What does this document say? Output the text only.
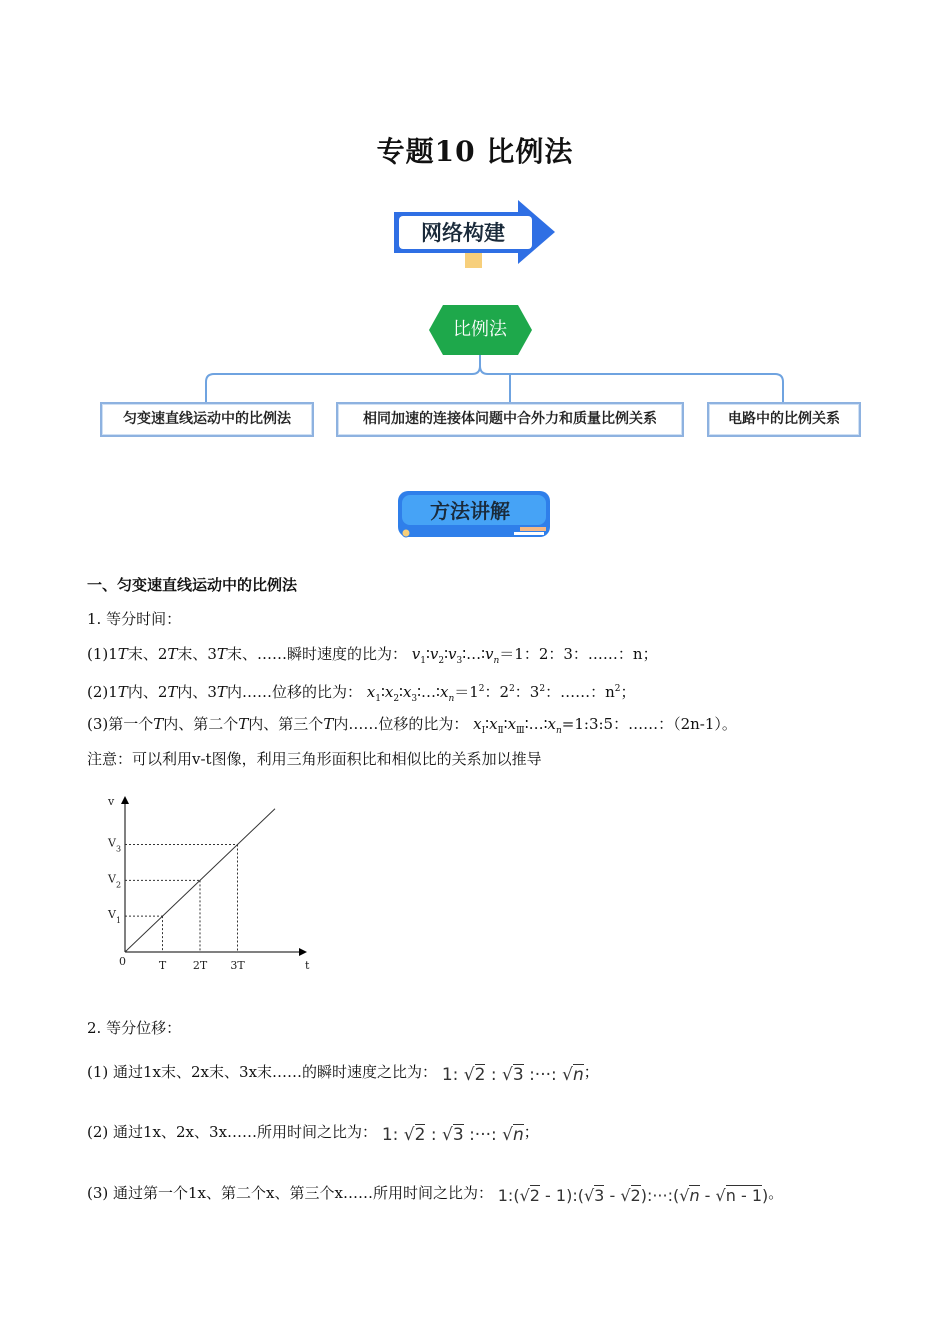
专题10 比例法
网络构建
比例法
匀变速直线运动中的比例法	相同加速的连接体问题中合外力和质量比例关系	电路中的比例关系
方法讲解
一、匀变速直线运动中的比例法
1. 等分时间：
(1)1T末、2T末、3T末、……瞬时速度的比为： $v_1∶v_2∶v_3∶\dots∶v_n=1$：2：3：……：n；
(2)1T内、2T内、3T内……位移的比为： $x_1∶x_2∶x_3∶\dots∶x_n=1^2$：$2^2$：$3^2$：……：$n^2$；
(3)第一个T内、第二个T内、第三个T内……位移的比为： $x_Ⅰ∶x_Ⅱ∶x_Ⅲ∶\dots∶x_n=1:3:5$：……：（2n-1）。
注意：可以利用v-t图像，利用三角形面积比和相似比的关系加以推导
T
$V_1$
2T
$V_2$
3T
$V_3$
0	t
v
2. 等分位移：
(1) 通过1x末、2x末、3x末……的瞬时速度之比为： 1: √2 : √3 :···: √n；
(2) 通过1x、2x、3x……所用时间之比为： 1: √2 : √3 :···: √n；
(3) 通过第一个1x、第二个x、第三个x……所用时间之比为： 1:(√2 - 1):(√3 - √2):···:(√n - √n - 1)。
